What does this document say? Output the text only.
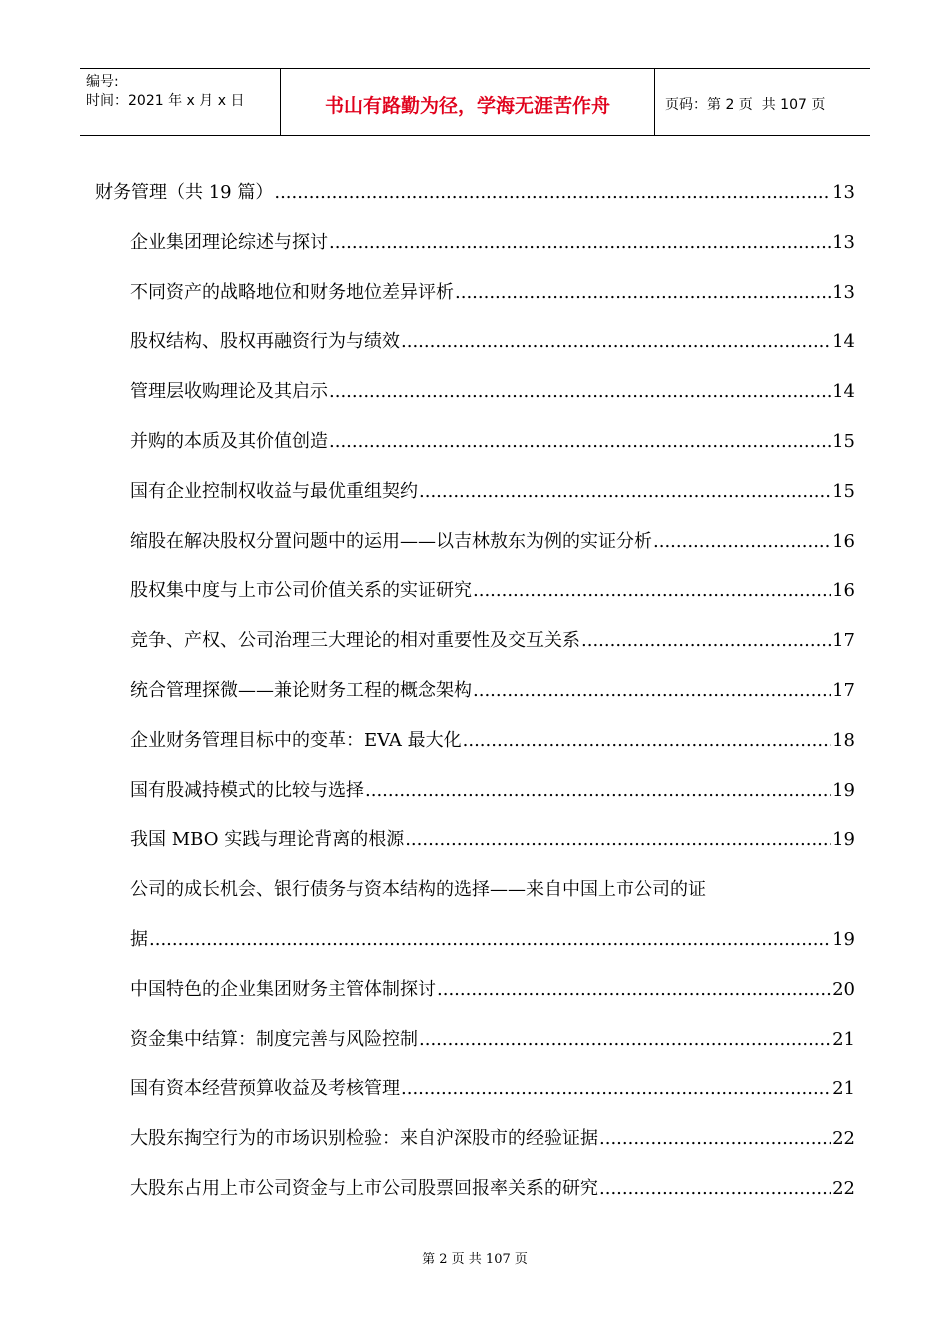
编号:
时间：2021 年 x 月 x 日	书山有路勤为径，学海无涯苦作舟	页码：第 2 页  共 107 页
财务管理（共 19 篇） .....	13
企业集团理论综述与探讨 .....	13
不同资产的战略地位和财务地位差异评析 .....	13
股权结构、股权再融资行为与绩效 .....	14
管理层收购理论及其启示 .....	14
并购的本质及其价值创造 .....	15
国有企业控制权收益与最优重组契约 .....	15
缩股在解决股权分置问题中的运用——以吉林敖东为例的实证分析 .....	16
股权集中度与上市公司价值关系的实证研究 .....	16
竞争、产权、公司治理三大理论的相对重要性及交互关系 .....	17
统合管理探微——兼论财务工程的概念架构 .....	17
企业财务管理目标中的变革：EVA 最大化 .....	18
国有股减持模式的比较与选择 .....	19
我国 MBO 实践与理论背离的根源 .....	19
公司的成长机会、银行债务与资本结构的选择——来自中国上市公司的证
据 .....	19
中国特色的企业集团财务主管体制探讨 .....	20
资金集中结算：制度完善与风险控制 .....	21
国有资本经营预算收益及考核管理 .....	21
大股东掏空行为的市场识别检验：来自沪深股市的经验证据 .....	22
大股东占用上市公司资金与上市公司股票回报率关系的研究 .....	22
第 2 页 共 107 页
